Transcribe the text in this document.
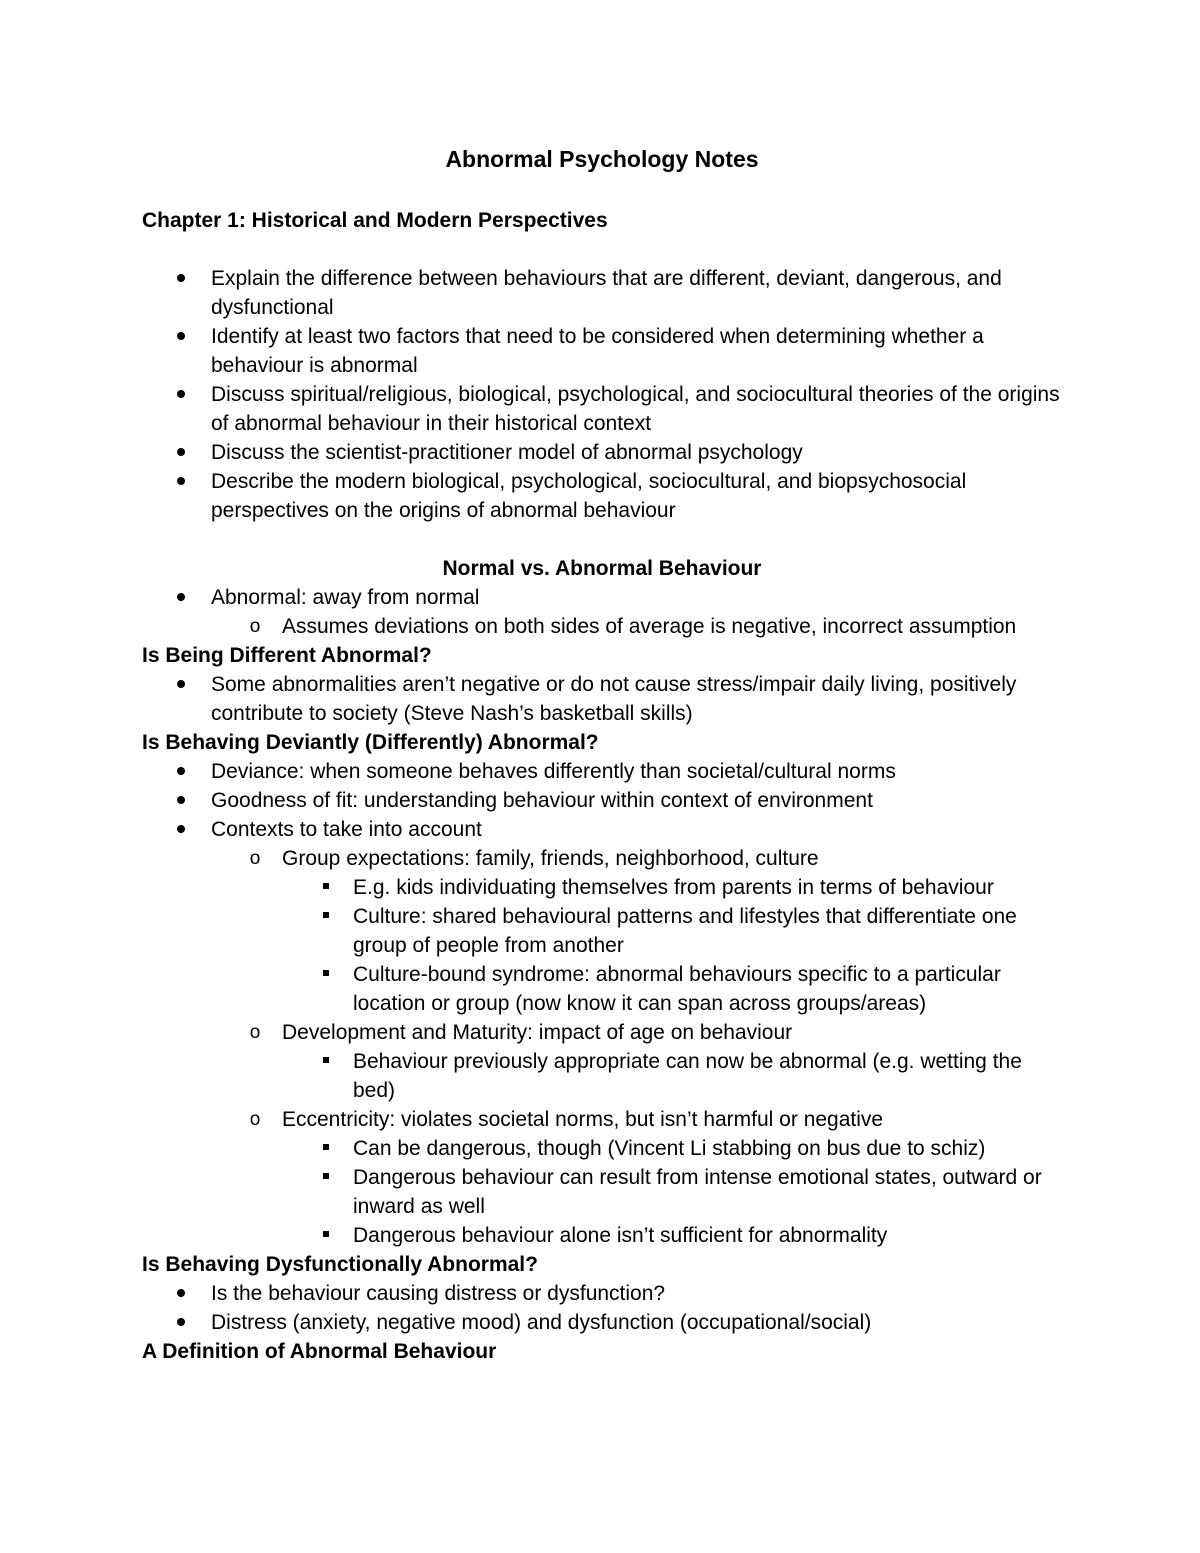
Abnormal Psychology Notes
Chapter 1: Historical and Modern Perspectives
Explain the difference between behaviours that are different, deviant, dangerous, and dysfunctional
Identify at least two factors that need to be considered when determining whether a behaviour is abnormal
Discuss spiritual/religious, biological, psychological, and sociocultural theories of the origins of abnormal behaviour in their historical context
Discuss the scientist-practitioner model of abnormal psychology
Describe the modern biological, psychological, sociocultural, and biopsychosocial perspectives on the origins of abnormal behaviour
Normal vs. Abnormal Behaviour
Abnormal: away from normal
o Assumes deviations on both sides of average is negative, incorrect assumption
Is Being Different Abnormal?
Some abnormalities aren’t negative or do not cause stress/impair daily living, positively contribute to society (Steve Nash’s basketball skills)
Is Behaving Deviantly (Differently) Abnormal?
Deviance: when someone behaves differently than societal/cultural norms
Goodness of fit: understanding behaviour within context of environment
Contexts to take into account
o Group expectations: family, friends, neighborhood, culture
E.g. kids individuating themselves from parents in terms of behaviour
Culture: shared behavioural patterns and lifestyles that differentiate one group of people from another
Culture-bound syndrome: abnormal behaviours specific to a particular location or group (now know it can span across groups/areas)
o Development and Maturity: impact of age on behaviour
Behaviour previously appropriate can now be abnormal (e.g. wetting the bed)
o Eccentricity: violates societal norms, but isn’t harmful or negative
Can be dangerous, though (Vincent Li stabbing on bus due to schiz)
Dangerous behaviour can result from intense emotional states, outward or inward as well
Dangerous behaviour alone isn’t sufficient for abnormality
Is Behaving Dysfunctionally Abnormal?
Is the behaviour causing distress or dysfunction?
Distress (anxiety, negative mood) and dysfunction (occupational/social)
A Definition of Abnormal Behaviour
